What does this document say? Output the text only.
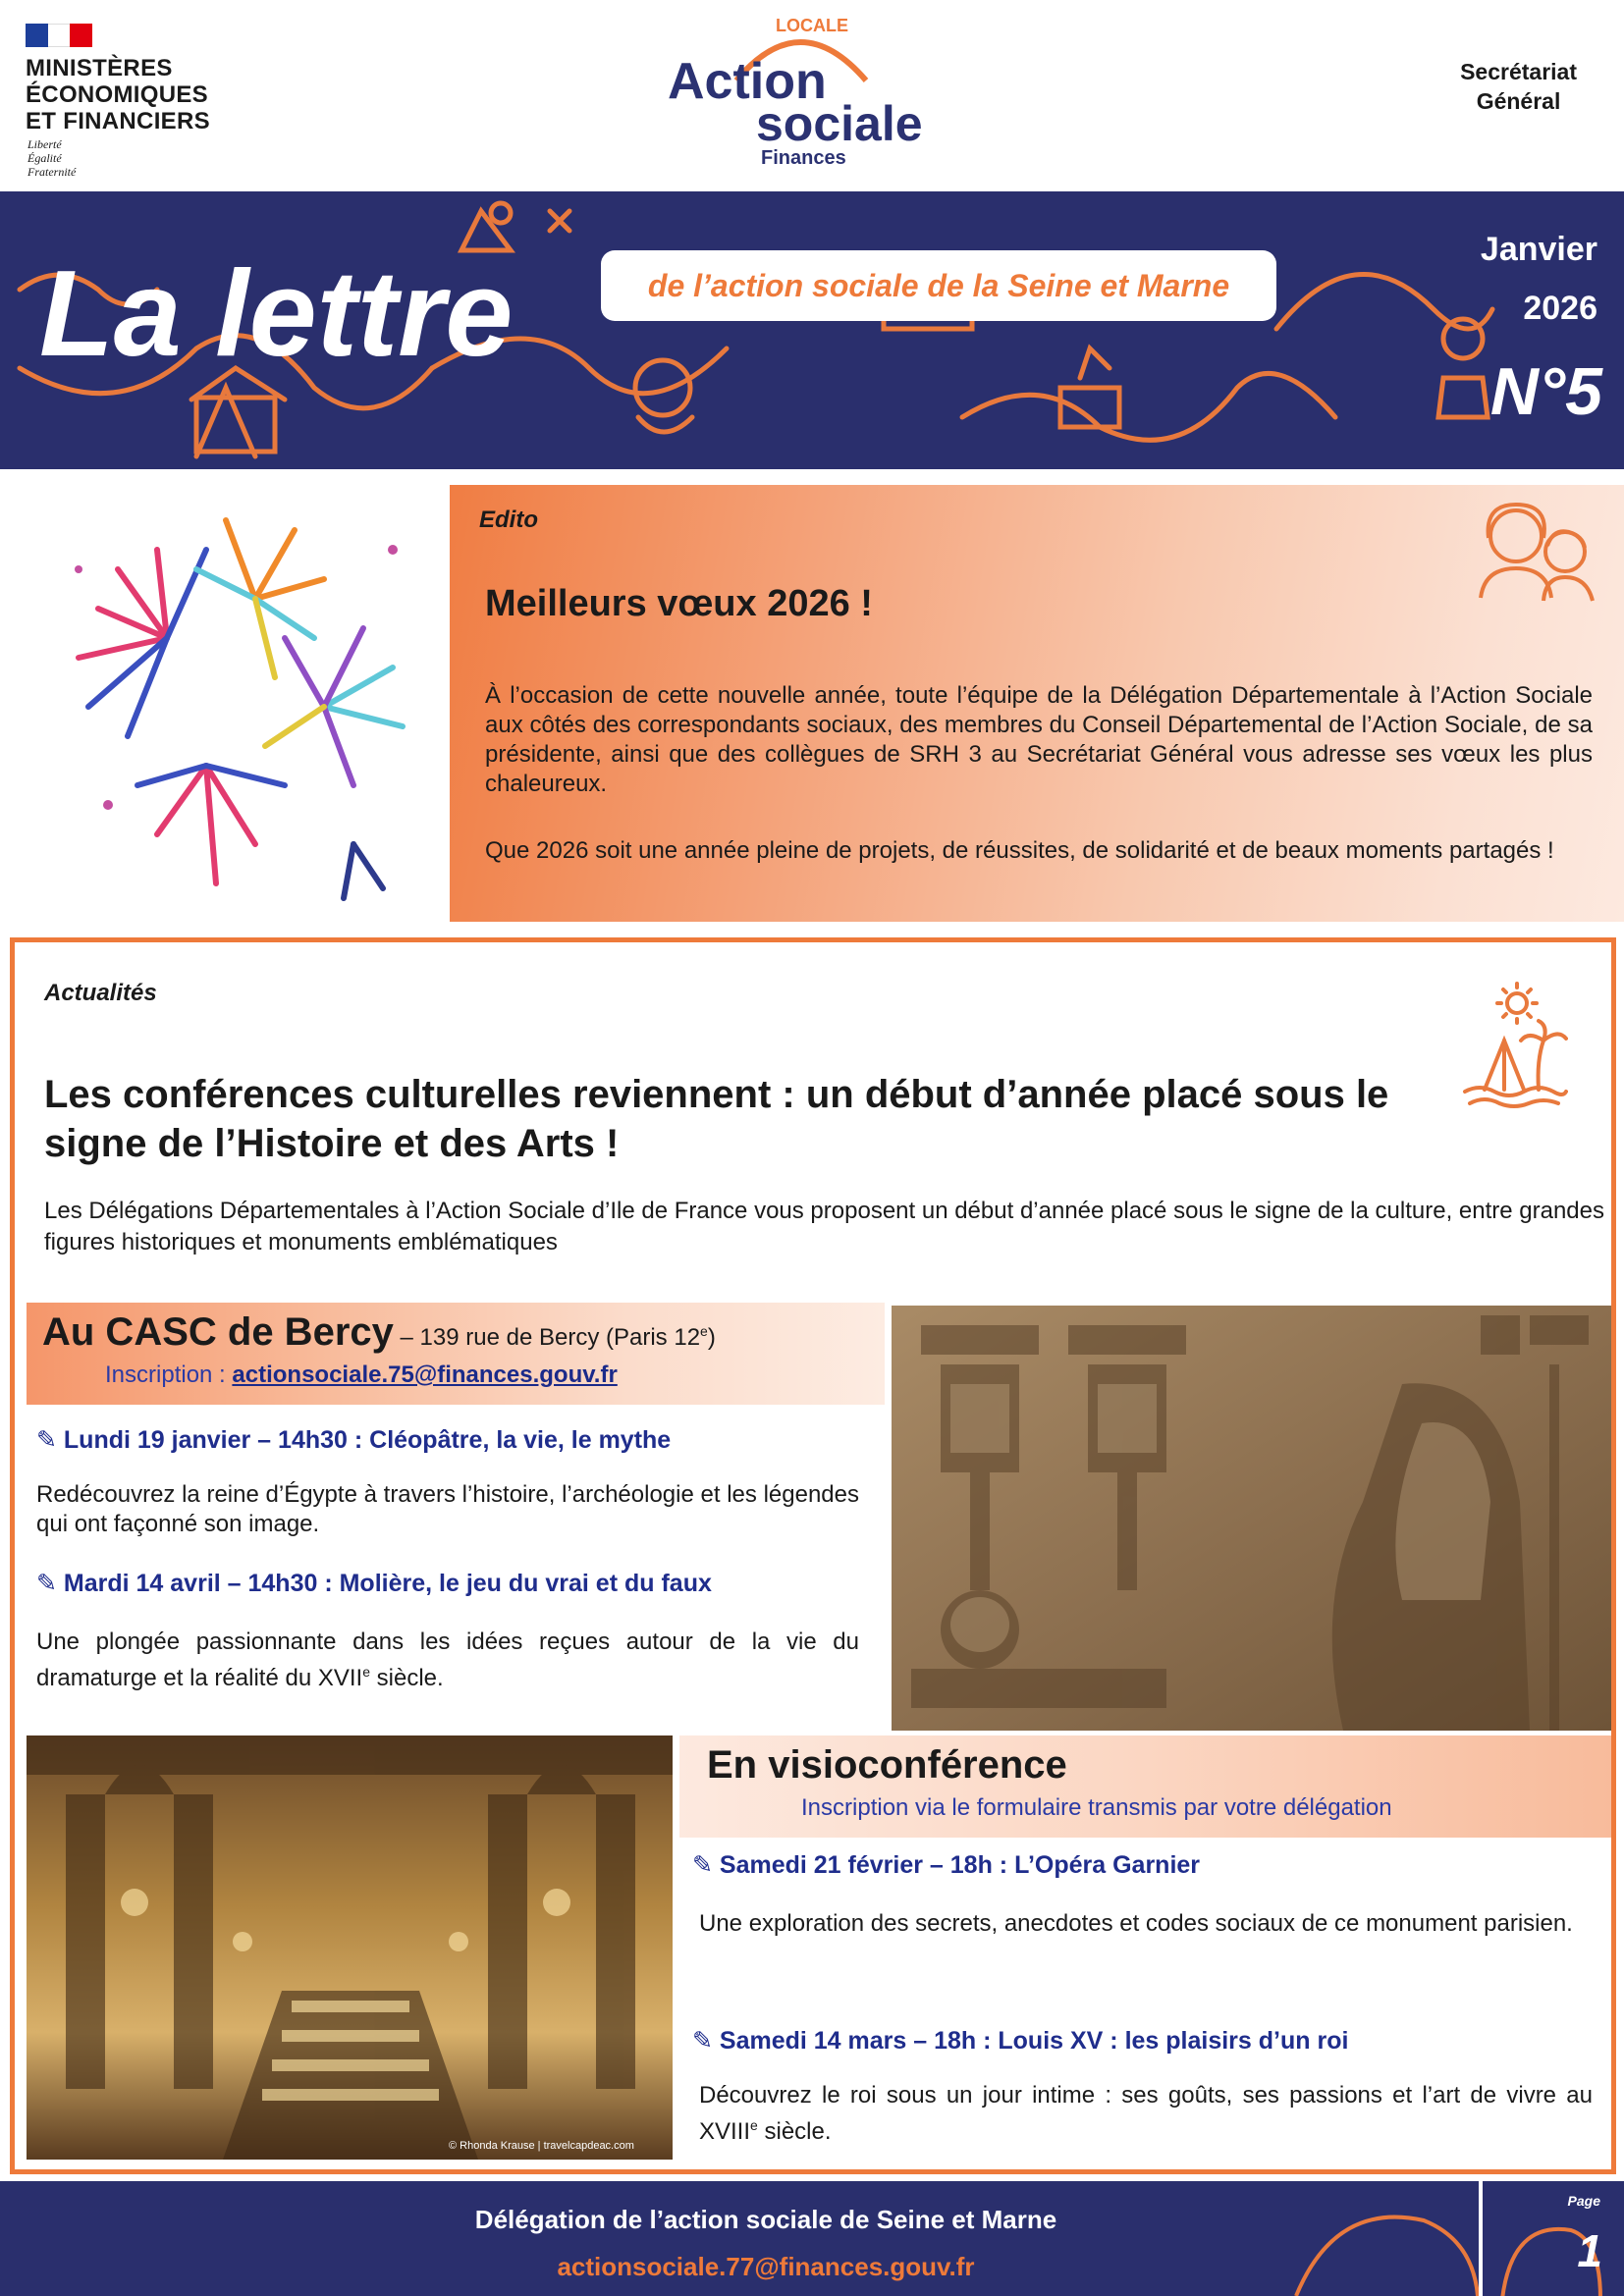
MINISTÈRES
ÉCONOMIQUES
ET FINANCIERS
Liberté
Égalité
Fraternité
LOCALE
Action
sociale
Finances
Secrétariat
Général
La lettre	de l’action sociale de la Seine et Marne
Janvier
2026
N°5
Edito
Meilleurs vœux 2026 !
À l’occasion de cette nouvelle année, toute l’équipe de la Délégation Départementale à l’Action Sociale aux côtés des correspondants sociaux, des membres du Conseil Départemental de l’Action Sociale, de sa présidente, ainsi que des collègues de SRH 3 au Secrétariat Général vous adresse ses vœux les plus chaleureux.
Que 2026 soit une année pleine de projets, de réussites, de solidarité et de beaux moments partagés !
Actualités
Les conférences culturelles reviennent : un début d’année placé sous le signe de l’Histoire et des Arts !
Les Délégations Départementales à l’Action Sociale d’Ile de France vous proposent un début d’année placé sous le signe de la culture, entre grandes figures historiques et monuments emblématiques
Au CASC de Bercy – 139 rue de Bercy (Paris 12e)
Inscription : actionsociale.75@finances.gouv.fr
✎ Lundi 19 janvier – 14h30 : Cléopâtre, la vie, le mythe
Redécouvrez la reine d’Égypte à travers l’histoire, l’archéologie et les légendes qui ont façonné son image.
✎ Mardi 14 avril – 14h30 : Molière, le jeu du vrai et du faux
Une plongée passionnante dans les idées reçues autour de la vie du dramaturge et la réalité du XVIIe siècle.
© Rhonda Krause | travelcapdeac.com
En visioconférence
Inscription via le formulaire transmis par votre délégation
✎ Samedi 21 février – 18h : L’Opéra Garnier
Une exploration des secrets, anecdotes et codes sociaux de ce monument parisien.
✎ Samedi 14 mars – 18h : Louis XV : les plaisirs d’un roi
Découvrez le roi sous un jour intime : ses goûts, ses passions et l’art de vivre au XVIIIe siècle.
Délégation de l’action sociale de Seine et Marne
actionsociale.77@finances.gouv.fr
Page
1
